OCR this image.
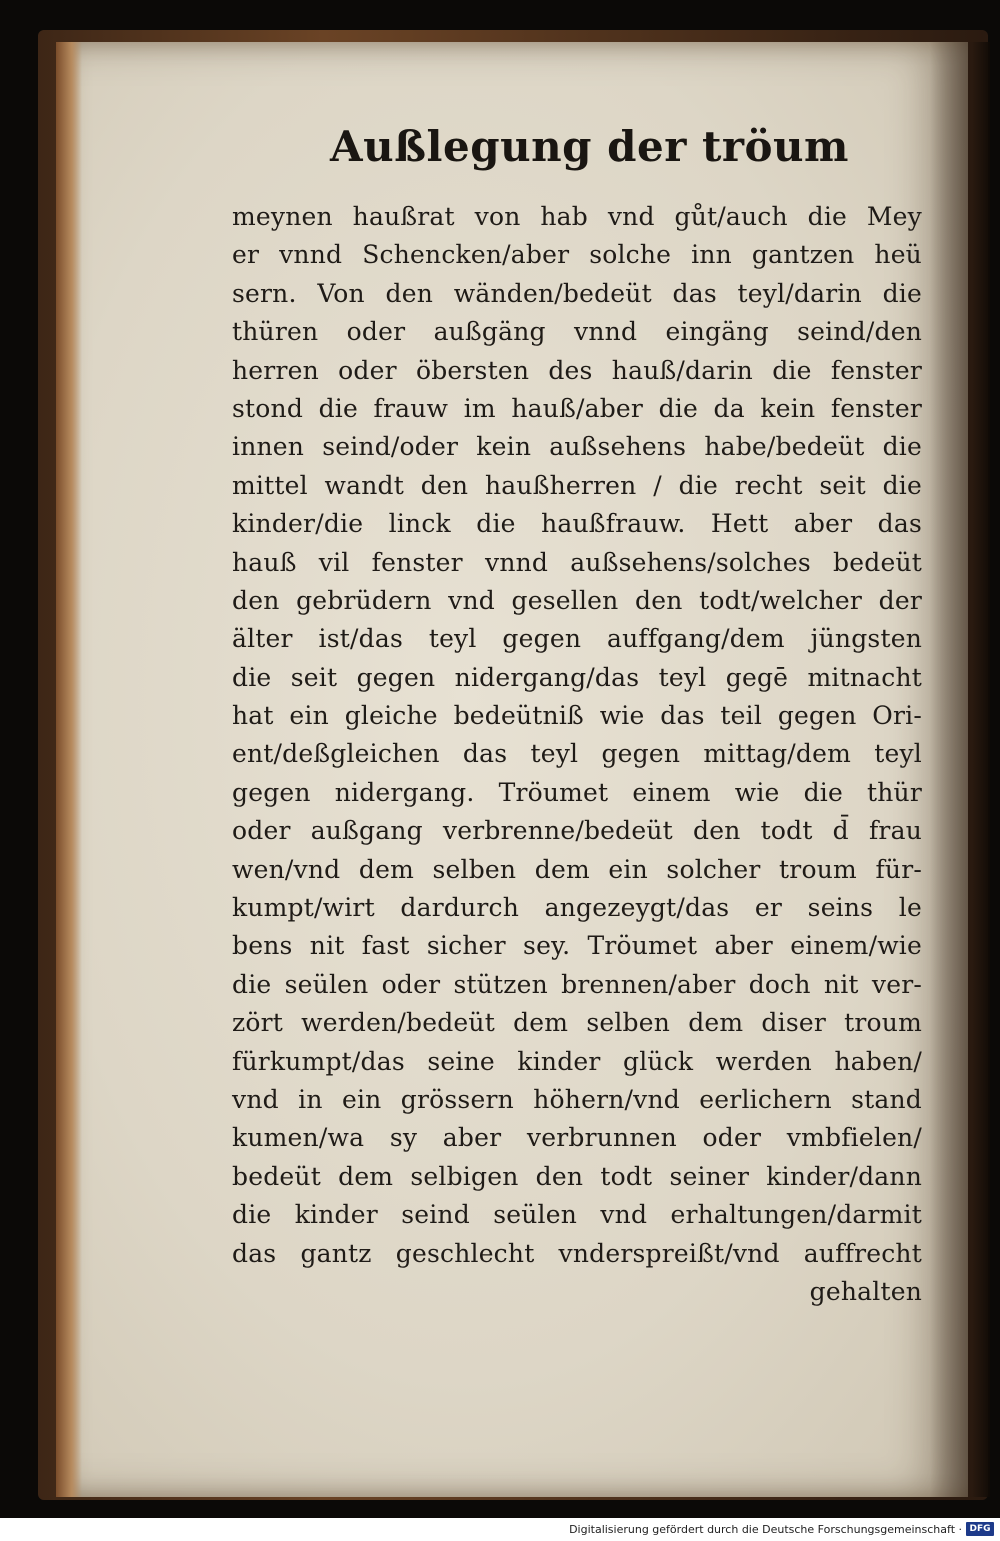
Außlegung der tröum
meynen haußrat von hab vnd gůt/auch die Mey
er vnnd Schencken/aber solche inn gantzen heü
sern. Von den wänden/bedeüt das teyl/darin die
thüren oder außgäng vnnd eingäng seind/den
herren oder öbersten des hauß/darin die fenster
stond die frauw im hauß/aber die da kein fenster
innen seind/oder kein außsehens habe/bedeüt die
mittel wandt den haußherren / die recht seit die
kinder/die linck die haußfrauw. Hett aber das
hauß vil fenster vnnd außsehens/solches bedeüt
den gebrüdern vnd gesellen den todt/welcher der
älter ist/das teyl gegen auffgang/dem jüngsten
die seit gegen nidergang/das teyl gegē mitnacht
hat ein gleiche bedeütniß wie das teil gegen Ori-
ent/deßgleichen das teyl gegen mittag/dem teyl
gegen nidergang. Tröumet einem wie die thür
oder außgang verbrenne/bedeüt den todt d̄ frau
wen/vnd dem selben dem ein solcher troum für-
kumpt/wirt dardurch angezeygt/das er seins le
bens nit fast sicher sey. Tröumet aber einem/wie
die seülen oder stützen brennen/aber doch nit ver-
zört werden/bedeüt dem selben dem diser troum
fürkumpt/das seine kinder glück werden haben/
vnd in ein grössern höhern/vnd eerlichern stand
kumen/wa sy aber verbrunnen oder vmbfielen/
bedeüt dem selbigen den todt seiner kinder/dann
die kinder seind seülen vnd erhaltungen/darmit
das gantz geschlecht vnderspreißt/vnd auffrecht
gehalten
Digitalisierung gefördert durch die Deutsche Forschungsgemeinschaft · DFG
